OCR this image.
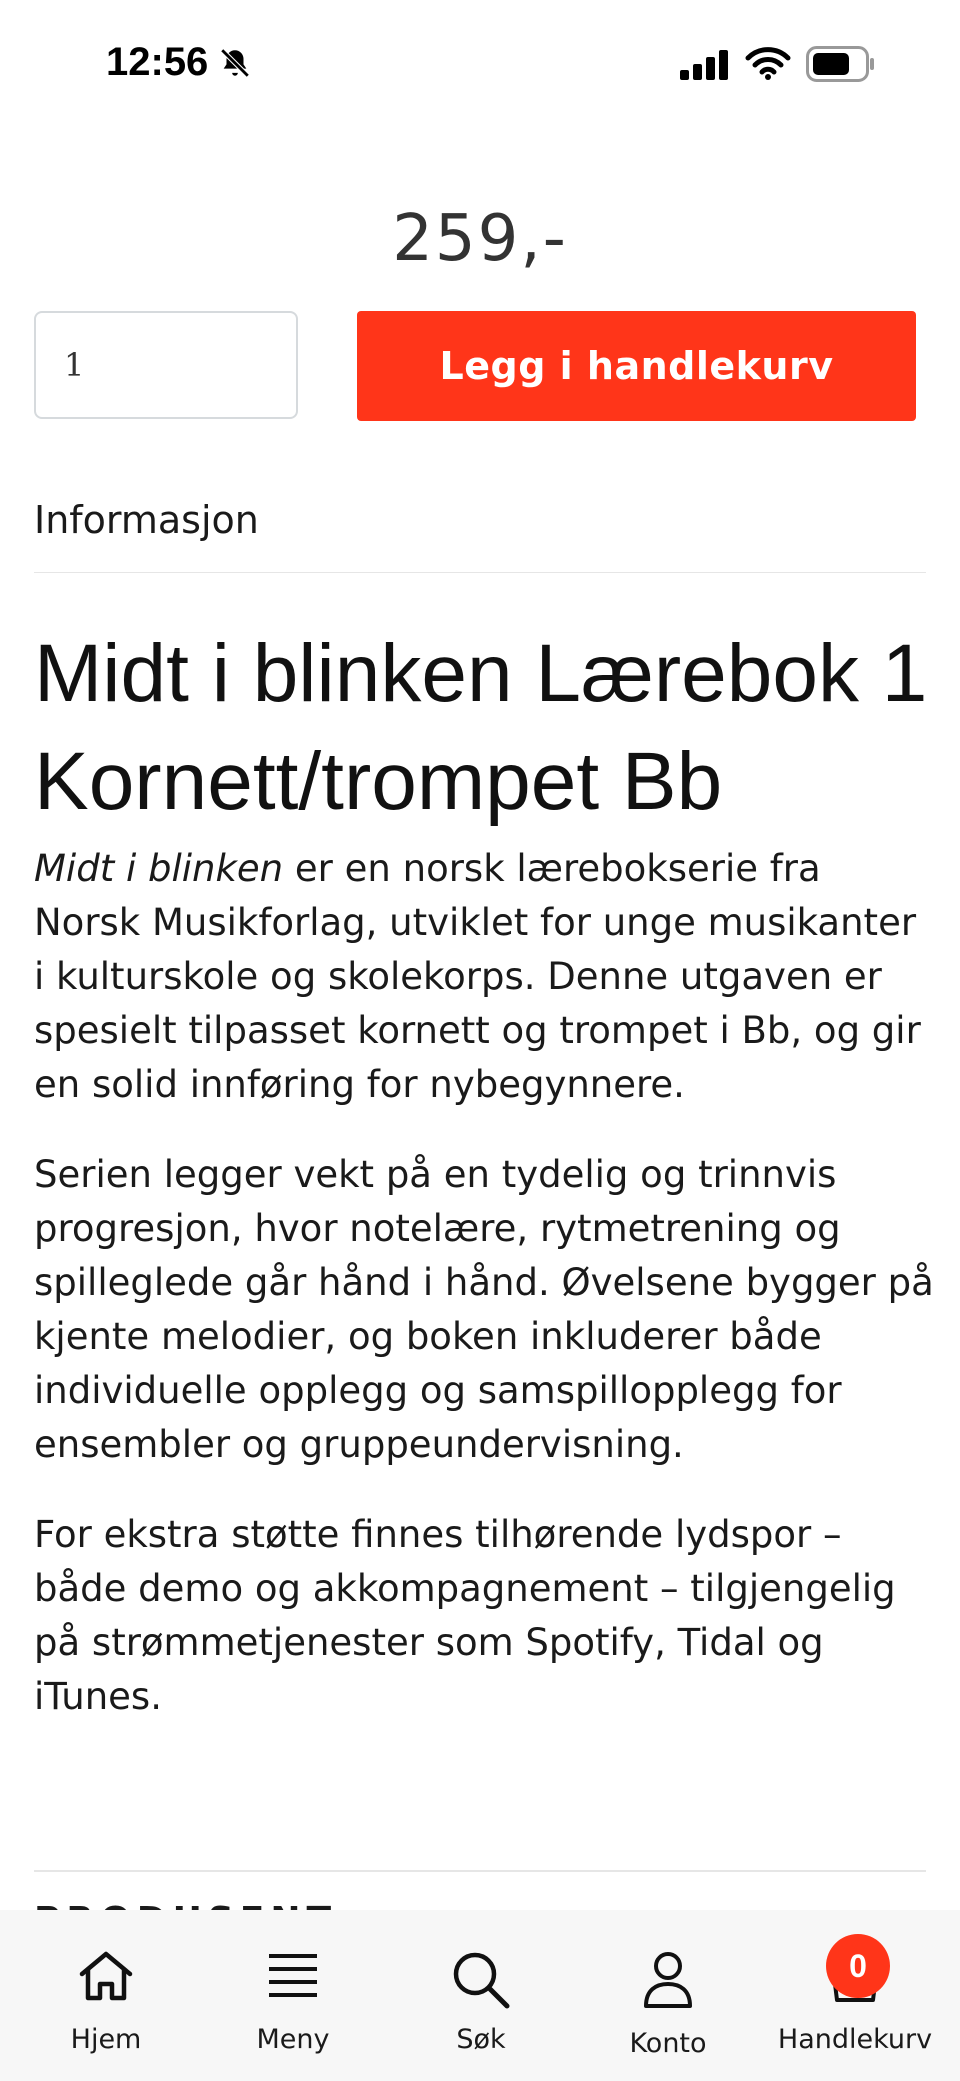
12:56
259,-
1
Legg i handlekurv
Informasjon
Midt i blinken Lærebok 1 Kornett/trompet Bb

Midt i blinken er en norsk lærebokserie fra Norsk Musikforlag, utviklet for unge musikanter i kulturskole og skolekorps. Denne utgaven er spesielt tilpasset kornett og trompet i Bb, og gir en solid innføring for nybegynnere.

Serien legger vekt på en tydelig og trinnvis progresjon, hvor notelære, rytmetrening og spilleglede går hånd i hånd. Øvelsene bygger på kjente melodier, og boken inkluderer både individuelle opplegg og samspillopplegg for ensembler og gruppeundervisning.

For ekstra støtte finnes tilhørende lydspor – både demo og akkompagnement – tilgjengelig på strømmetjenester som Spotify, Tidal og iTunes.

Hjem	Meny	Søk	Konto	Handlekurv
0
